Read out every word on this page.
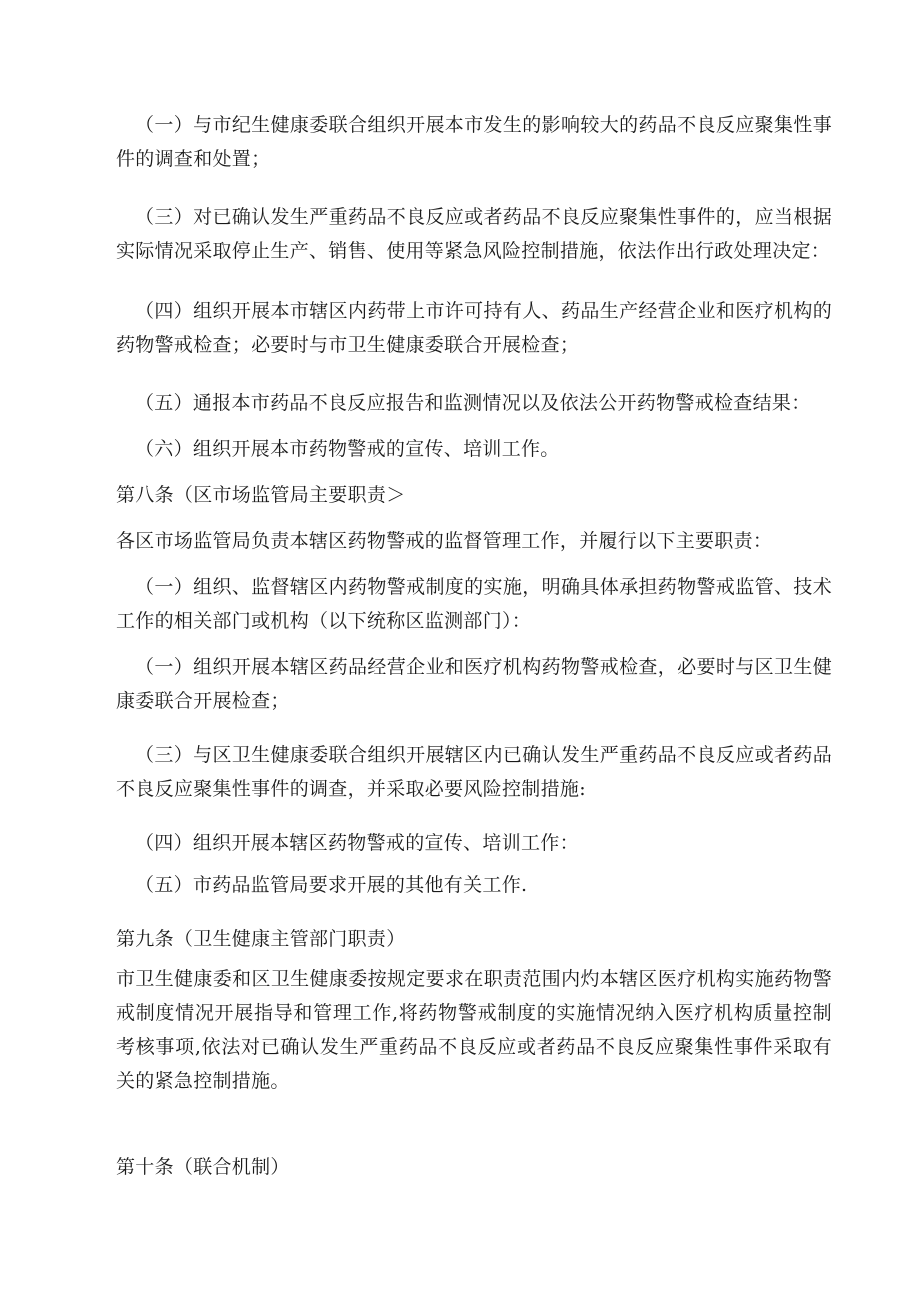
（一）与市纪生健康委联合组织开展本市发生的影响较大的药品不良反应聚集性事件的调查和处置；
（三）对已确认发生严重药品不良反应或者药品不良反应聚集性事件的，应当根据实际情况采取停止生产、销售、使用等紧急风险控制措施，依法作出行政处理决定：
（四）组织开展本市辖区内药带上市许可持有人、药品生产经营企业和医疗机构的药物警戒检查；必要时与市卫生健康委联合开展检查；
（五）通报本市药品不良反应报告和监测情况以及依法公开药物警戒检查结果：
（六）组织开展本市药物警戒的宣传、培训工作。
第八条（区市场监管局主要职责＞
各区市场监管局负责本辖区药物警戒的监督管理工作，并履行以下主要职责：
（一）组织、监督辖区内药物警戒制度的实施，明确具体承担药物警戒监管、技术工作的相关部门或机构（以下统称区监测部门）：
（一）组织开展本辖区药品经营企业和医疗机构药物警戒检查，必要时与区卫生健康委联合开展检查；
（三）与区卫生健康委联合组织开展辖区内已确认发生严重药品不良反应或者药品不良反应聚集性事件的调查，并采取必要风险控制措施:
（四）组织开展本辖区药物警戒的宣传、培训工作：
（五）市药品监管局要求开展的其他有关工作.
第九条（卫生健康主管部门职责）
市卫生健康委和区卫生健康委按规定要求在职责范围内灼本辖区医疗机构实施药物警戒制度情况开展指导和管理工作,将药物警戒制度的实施情况纳入医疗机构质量控制考核事项,依法对已确认发生严重药品不良反应或者药品不良反应聚集性事件采取有关的紧急控制措施。
第十条（联合机制）
